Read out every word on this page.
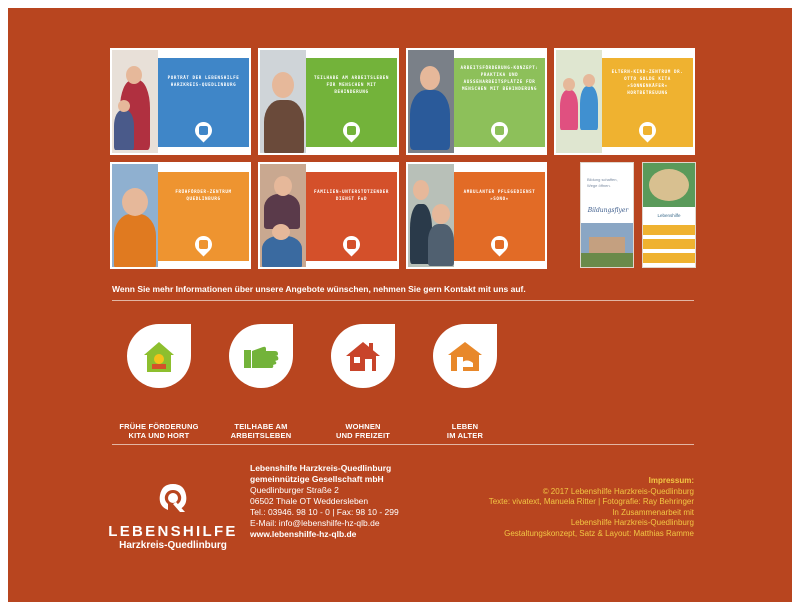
PORTRÄT DER LEBENSHILFE HARZKREIS-QUEDLINBURG
TEILHABE AM ARBEITSLEBEN FÜR MENSCHEN MIT BEHINDERUNG
ARBEITSFÖRDERUNG-KONZEPT: PRAKTIKA UND AUSSENARBEITSPLÄTZE FÜR MENSCHEN MIT BEHINDERUNG
ELTERN-KIND-ZENTRUM DR. OTTO GOLDE KITA »SONNENKÄFER« HORTBETREUUNG
FRÜHFÖRDER-ZENTRUM QUEDLINBURG
FAMILIEN-UNTERSTÜTZENDER DIENST FuD
AMBULANTER PFLEGEDIENST »SONO«
Bildung schaffen, Wege öffnen.
Bildungsflyer
Lebenshilfe
Wenn Sie mehr Informationen über unsere Angebote wünschen, nehmen Sie gern Kontakt mit uns auf.
FRÜHE FÖRDERUNG
KITA UND HORT
TEILHABE AM
ARBEITSLEBEN
WOHNEN
UND FREIZEIT
LEBEN
IM ALTER
LEBENSHILFE
Harzkreis-Quedlinburg
Lebenshilfe Harzkreis-Quedlinburg
gemeinnützige Gesellschaft mbH
Quedlinburger Straße 2
06502 Thale OT Weddersleben
Tel.: 03946. 98 10 - 0 | Fax: 98 10 - 299
E-Mail: info@lebenshilfe-hz-qlb.de
www.lebenshilfe-hz-qlb.de
Impressum:
© 2017 Lebenshilfe Harzkreis-Quedlinburg
Texte: vivatext, Manuela Ritter | Fotografie: Ray Behringer
In Zusammenarbeit mit
Lebenshilfe Harzkreis-Quedlinburg
Gestaltungskonzept, Satz & Layout: Matthias Ramme
